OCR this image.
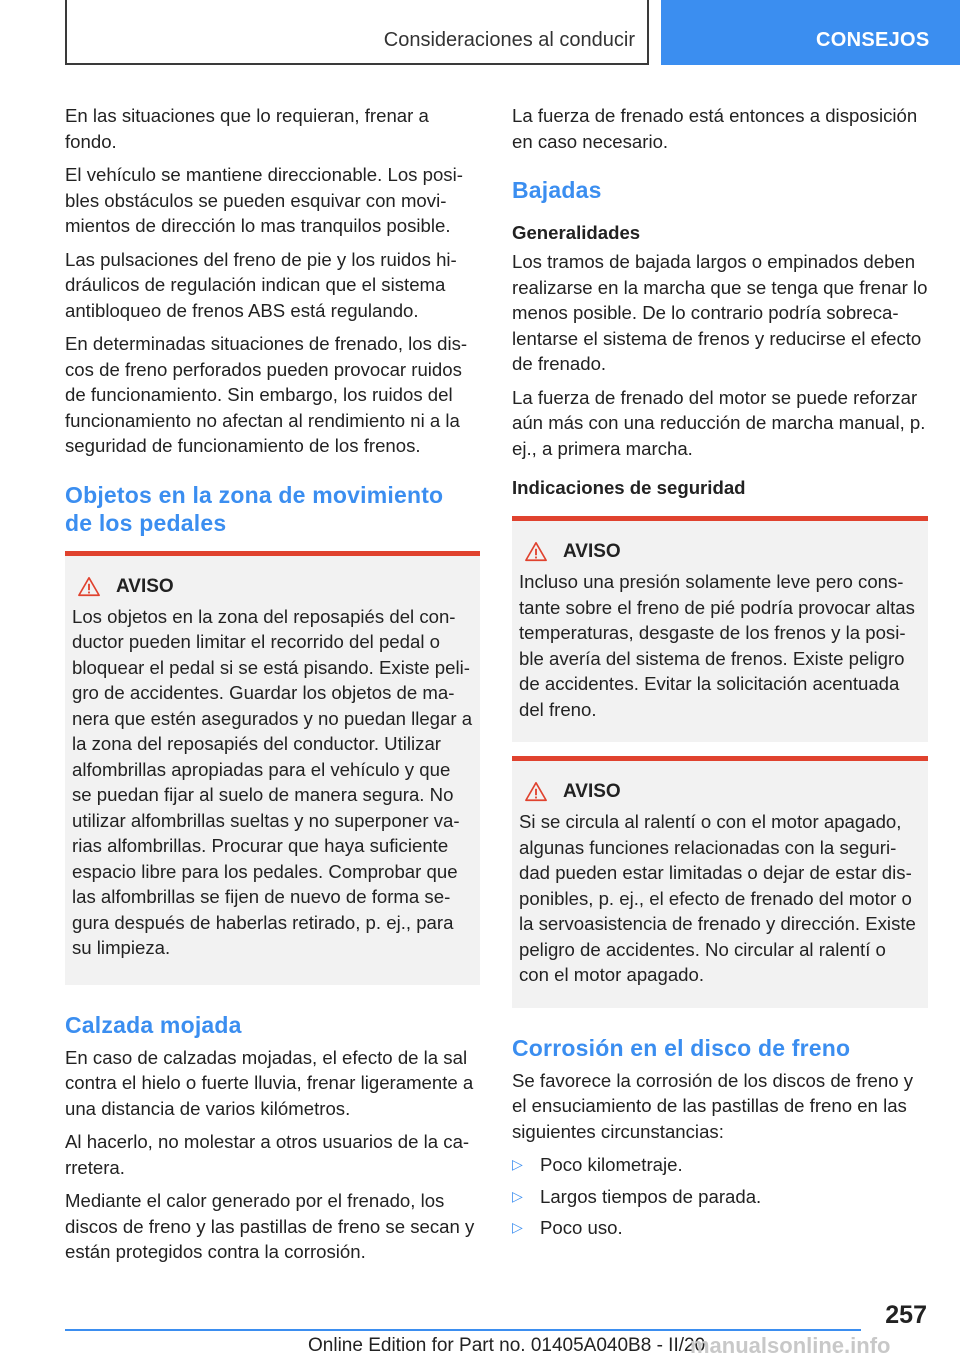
Consideraciones al conducir	CONSEJOS

En las situaciones que lo requieran, frenar a fondo.

El vehículo se mantiene direccionable. Los posi-bles obstáculos se pueden esquivar con movi-mientos de dirección lo mas tranquilos posible.

Las pulsaciones del freno de pie y los ruidos hi-dráulicos de regulación indican que el sistema antibloqueo de frenos ABS está regulando.

En determinadas situaciones de frenado, los dis-cos de freno perforados pueden provocar ruidos de funcionamiento. Sin embargo, los ruidos del funcionamiento no afectan al rendimiento ni a la seguridad de funcionamiento de los frenos.

Objetos en la zona de movimiento de los pedales
AVISO

Los objetos en la zona del reposapiés del con-ductor pueden limitar el recorrido del pedal o bloquear el pedal si se está pisando. Existe peli-gro de accidentes. Guardar los objetos de ma-nera que estén asegurados y no puedan llegar a la zona del reposapiés del conductor. Utilizar alfombrillas apropiadas para el vehículo y que se puedan fijar al suelo de manera segura. No utilizar alfombrillas sueltas y no superponer va-rias alfombrillas. Procurar que haya suficiente espacio libre para los pedales. Comprobar que las alfombrillas se fijen de nuevo de forma se-gura después de haberlas retirado, p. ej., para su limpieza.

Calzada mojada

En caso de calzadas mojadas, el efecto de la sal contra el hielo o fuerte lluvia, frenar ligeramente a una distancia de varios kilómetros.

Al hacerlo, no molestar a otros usuarios de la ca-rretera.

Mediante el calor generado por el frenado, los discos de freno y las pastillas de freno se secan y están protegidos contra la corrosión.

La fuerza de frenado está entonces a disposición en caso necesario.

Bajadas
Generalidades

Los tramos de bajada largos o empinados deben realizarse en la marcha que se tenga que frenar lo menos posible. De lo contrario podría sobreca-lentarse el sistema de frenos y reducirse el efecto de frenado.

La fuerza de frenado del motor se puede reforzar aún más con una reducción de marcha manual, p. ej., a primera marcha.

Indicaciones de seguridad
AVISO

Incluso una presión solamente leve pero cons-tante sobre el freno de pié podría provocar altas temperaturas, desgaste de los frenos y la posi-ble avería del sistema de frenos. Existe peligro de accidentes. Evitar la solicitación acentuada del freno.

AVISO

Si se circula al ralentí o con el motor apagado, algunas funciones relacionadas con la seguri-dad pueden estar limitadas o dejar de estar dis-ponibles, p. ej., el efecto de frenado del motor o la servoasistencia de frenado y dirección. Existe peligro de accidentes. No circular al ralentí o con el motor apagado.

Corrosión en el disco de freno

Se favorece la corrosión de los discos de freno y el ensuciamiento de las pastillas de freno en las siguientes circunstancias:

▷ Poco kilometraje.
▷ Largos tiempos de parada.
▷ Poco uso.
257
Online Edition for Part no. 01405A040B8 - II/20
manualsonline.info
